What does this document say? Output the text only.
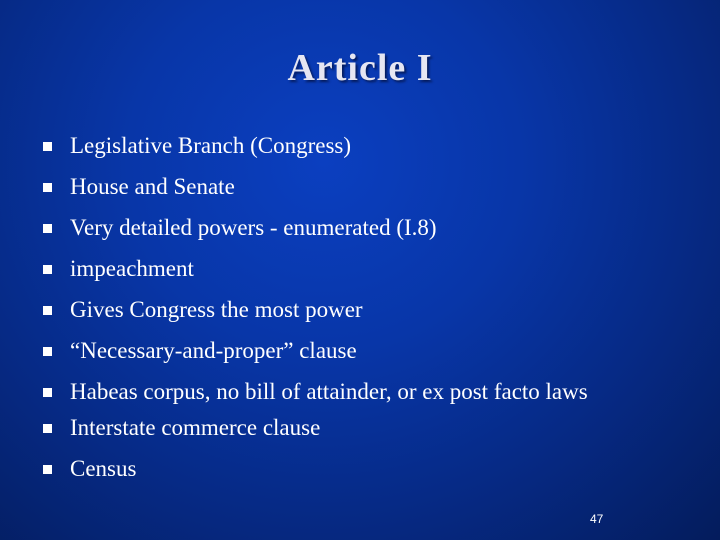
Article I
Legislative Branch (Congress)
House and Senate
Very detailed powers - enumerated (I.8)
impeachment
Gives Congress the most power
“Necessary-and-proper” clause
Habeas corpus, no bill of attainder, or ex post facto laws
Interstate commerce clause
Census
47
